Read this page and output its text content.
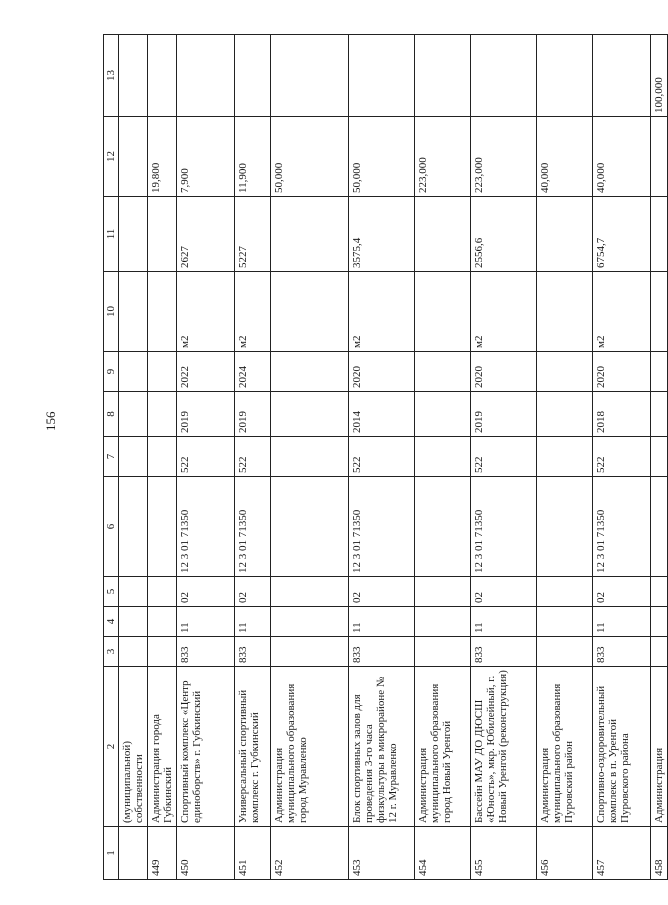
156
1	2	3	4	5	6	7	8	9	10	11	12	13
	(муниципальной) собственности											
449	Администрация города Губкинский										19,800	
450	Спортивный комплекс «Центр единоборств» г. Губкинский	833	11	02	12 3 01 71350	522	2019	2022	м2	2627	7,900	
451	Универсальный спортивный комплекс г. Губкинский	833	11	02	12 3 01 71350	522	2019	2024	м2	5227	11,900	
452	Администрация муниципального образования город Муравленко										50,000	
453	Блок спортивных залов для проведения 3-го часа физкультуры в микрорайоне № 12 г. Муравленко	833	11	02	12 3 01 71350	522	2014	2020	м2	3575,4	50,000	
454	Администрация муниципального образования город Новый Уренгой										223,000	
455	Бассейн МАУ ДО ДЮСШ «Юность», мкр. Юбилейный, г. Новый Уренгой (реконструкция)	833	11	02	12 3 01 71350	522	2019	2020	м2	2556,6	223,000	
456	Администрация муниципального образования Пуровский район										40,000	
457	Спортивно-оздоровительный комплекс в п. Уренгой Пуровского района	833	11	02	12 3 01 71350	522	2018	2020	м2	6754,7	40,000	
458	Администрация											100,000
